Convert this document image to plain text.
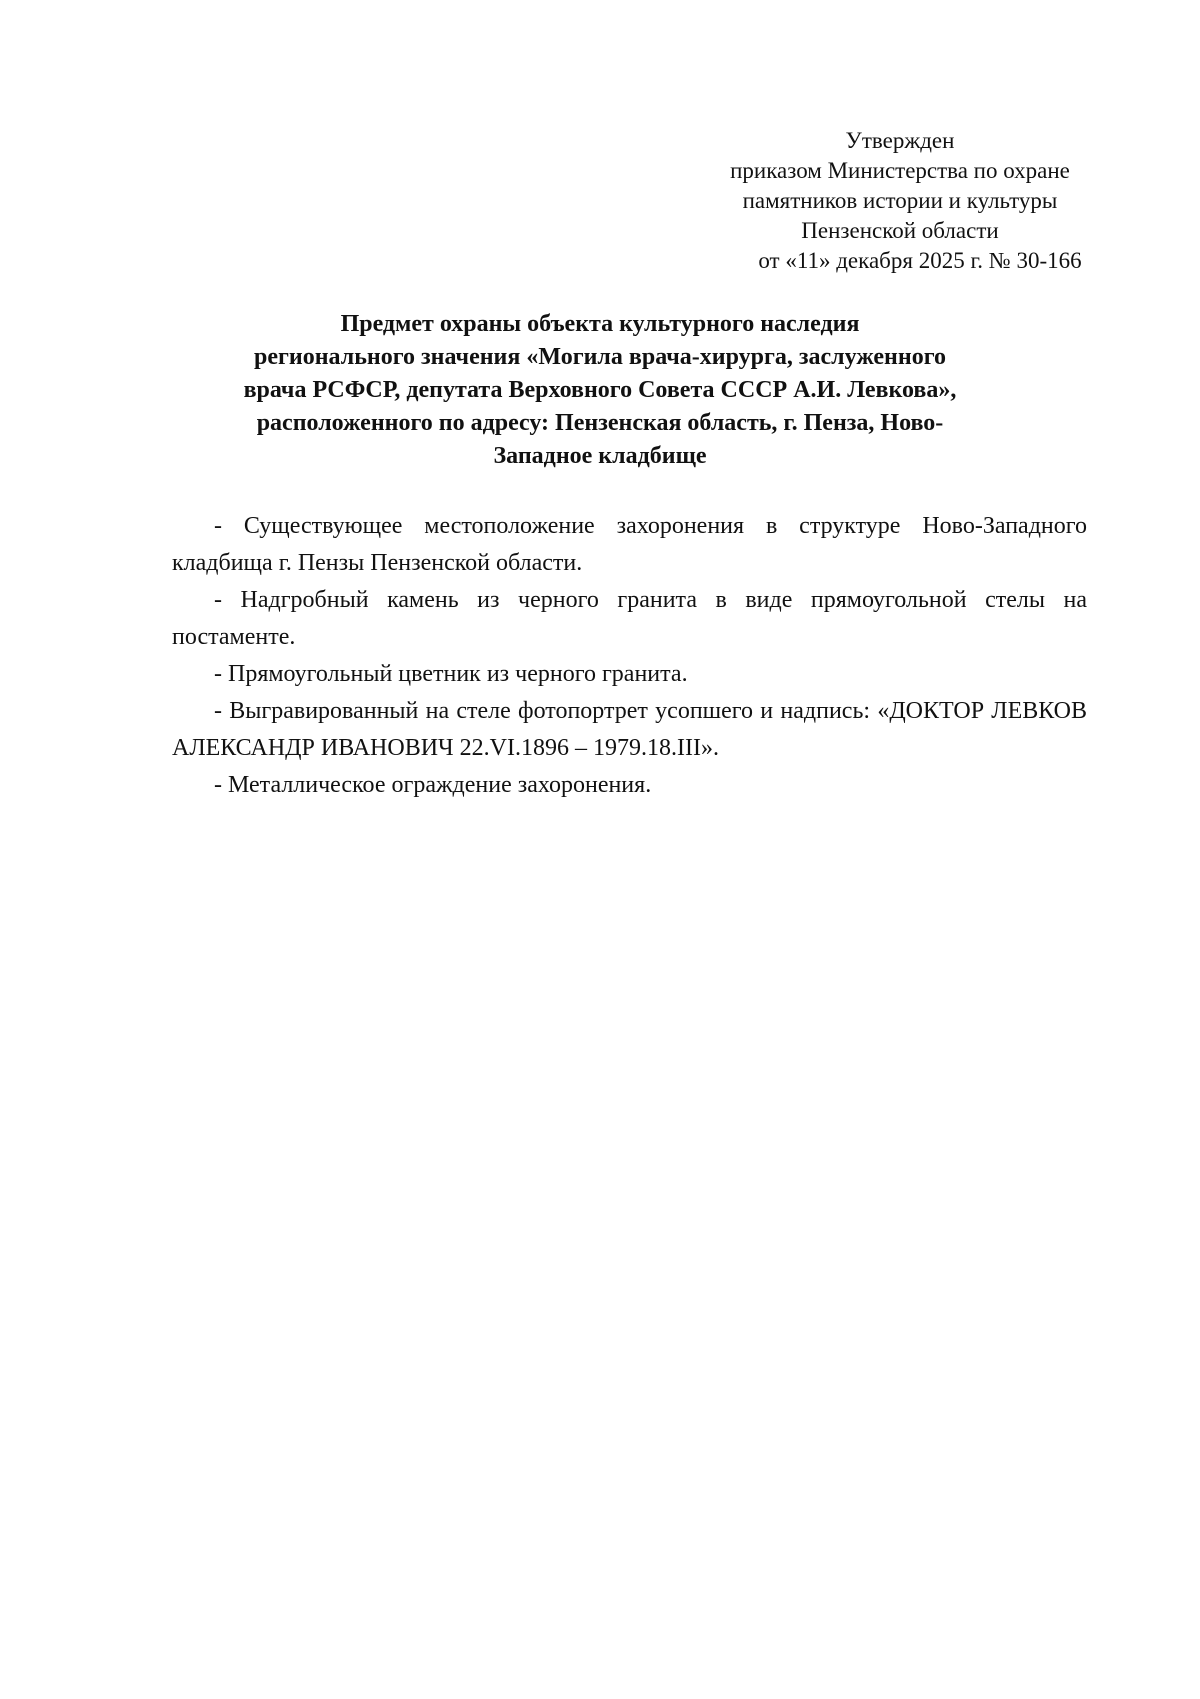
Утвержден
приказом Министерства по охране
памятников истории и культуры
Пензенской области
от «11» декабря 2025 г. № 30-166
Предмет охраны объекта культурного наследия
регионального значения «Могила врача-хирурга, заслуженного
врача РСФСР, депутата Верховного Совета СССР А.И. Левкова»,
расположенного по адресу: Пензенская область, г. Пенза, Ново-
Западное кладбище

- Существующее местоположение захоронения в структуре Ново-Западного кладбища г. Пензы Пензенской области.

- Надгробный камень из черного гранита в виде прямоугольной стелы на постаменте.

- Прямоугольный цветник из черного гранита.

- Выгравированный на стеле фотопортрет усопшего и надпись: «ДОКТОР ЛЕВКОВ АЛЕКСАНДР ИВАНОВИЧ 22.VI.1896 – 1979.18.III».

- Металлическое ограждение захоронения.
